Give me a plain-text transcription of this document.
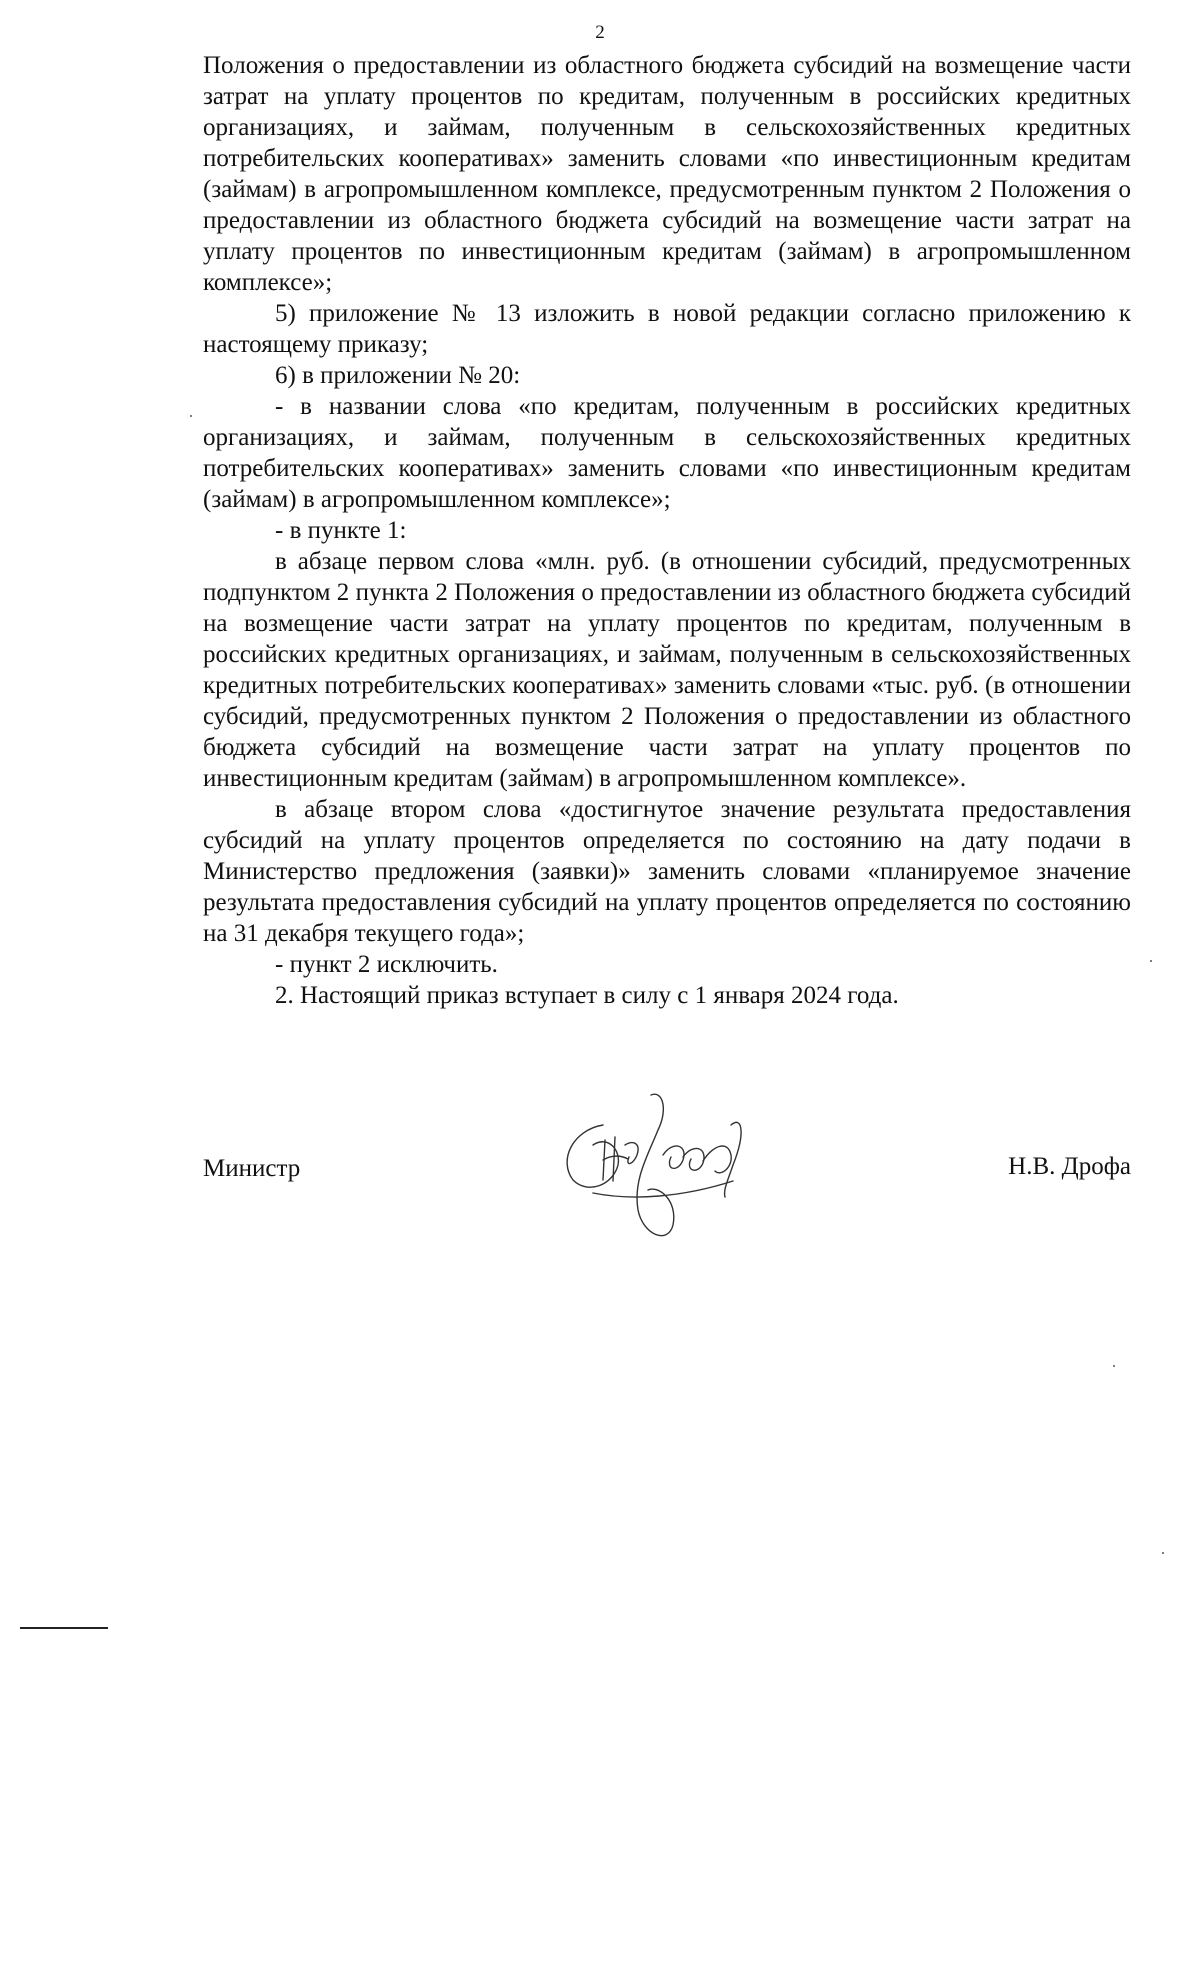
2

Положения о предоставлении из областного бюджета субсидий на возмещение части затрат на уплату процентов по кредитам, полученным в российских кредитных организациях, и займам, полученным в сельскохозяйственных кредитных потребительских кооперативах» заменить словами «по инвестиционным кредитам (займам) в агропромышленном комплексе, предусмотренным пунктом 2 Положения о предоставлении из областного бюджета субсидий на возмещение части затрат на уплату процентов по инвестиционным кредитам (займам) в агропромышленном комплексе»;

5) приложение № 13 изложить в новой редакции согласно приложению к настоящему приказу;

6) в приложении № 20:

- в названии слова «по кредитам, полученным в российских кредитных организациях, и займам, полученным в сельскохозяйственных кредитных потребительских кооперативах» заменить словами «по инвестиционным кредитам (займам) в агропромышленном комплексе»;

- в пункте 1:

в абзаце первом слова «млн. руб. (в отношении субсидий, предусмотренных подпунктом 2 пункта 2 Положения о предоставлении из областного бюджета субсидий на возмещение части затрат на уплату процентов по кредитам, полученным в российских кредитных организациях, и займам, полученным в сельскохозяйственных кредитных потребительских кооперативах» заменить словами «тыс. руб. (в отношении субсидий, предусмотренных пунктом 2 Положения о предоставлении из областного бюджета субсидий на возмещение части затрат на уплату процентов по инвестиционным кредитам (займам) в агропромышленном комплексе».

в абзаце втором слова «достигнутое значение результата предоставления субсидий на уплату процентов определяется по состоянию на дату подачи в Министерство предложения (заявки)» заменить словами «планируемое значение результата предоставления субсидий на уплату процентов определяется по состоянию на 31 декабря текущего года»;

- пункт 2 исключить.

2. Настоящий приказ вступает в силу с 1 января 2024 года.

Министр	Н.В. Дрофа
